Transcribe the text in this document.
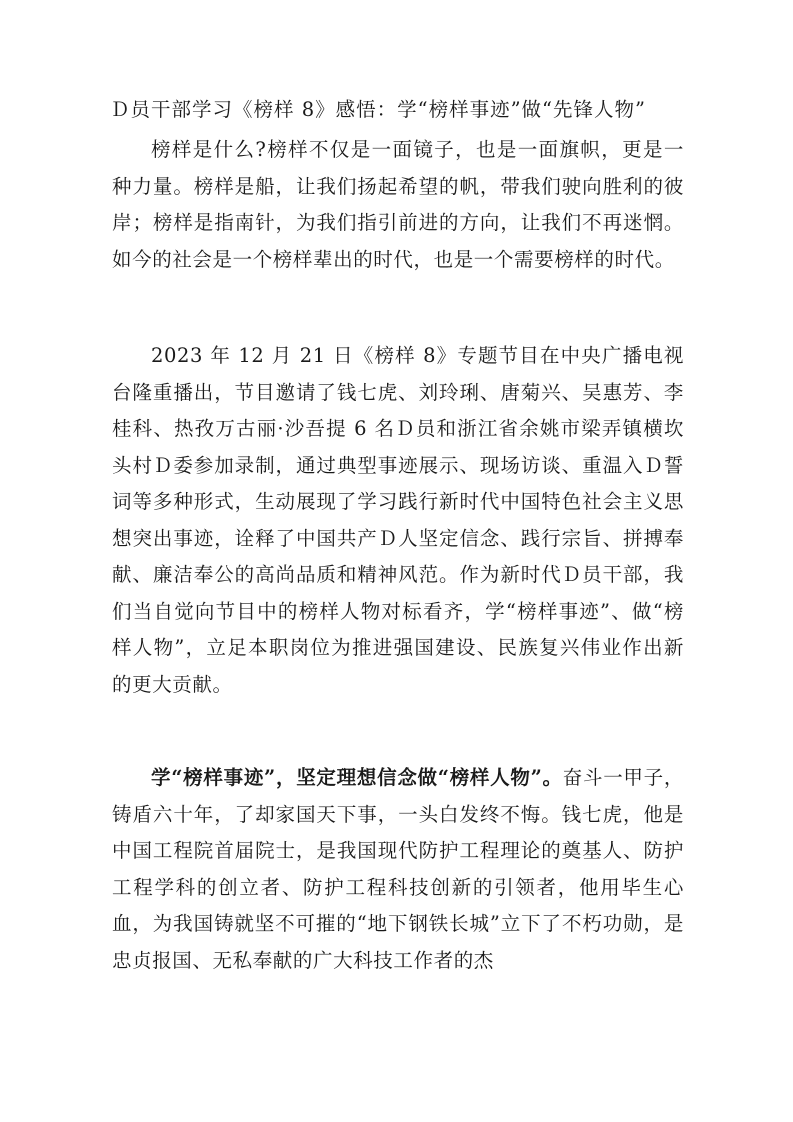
Ｄ员干部学习《榜样 8》感悟：学“榜样事迹”做“先锋人物”

榜样是什么?榜样不仅是一面镜子，也是一面旗帜，更是一种力量。榜样是船，让我们扬起希望的帆，带我们驶向胜利的彼岸；榜样是指南针，为我们指引前进的方向，让我们不再迷惘。如今的社会是一个榜样辈出的时代，也是一个需要榜样的时代。

2023 年 12 月 21 日《榜样 8》专题节目在中央广播电视台隆重播出，节目邀请了钱七虎、刘玲琍、唐菊兴、吴惠芳、李桂科、热孜万古丽·沙吾提 6 名Ｄ员和浙江省余姚市梁弄镇横坎头村Ｄ委参加录制，通过典型事迹展示、现场访谈、重温入Ｄ誓词等多种形式，生动展现了学习践行新时代中国特色社会主义思想突出事迹，诠释了中国共产Ｄ人坚定信念、践行宗旨、拼搏奉献、廉洁奉公的高尚品质和精神风范。作为新时代Ｄ员干部，我们当自觉向节目中的榜样人物对标看齐，学“榜样事迹”、做“榜样人物”，立足本职岗位为推进强国建设、民族复兴伟业作出新的更大贡献。

学“榜样事迹”，坚定理想信念做“榜样人物”。奋斗一甲子，铸盾六十年，了却家国天下事，一头白发终不悔。钱七虎，他是中国工程院首届院士，是我国现代防护工程理论的奠基人、防护工程学科的创立者、防护工程科技创新的引领者，他用毕生心血，为我国铸就坚不可摧的“地下钢铁长城”立下了不朽功勋，是忠贞报国、无私奉献的广大科技工作者的杰
